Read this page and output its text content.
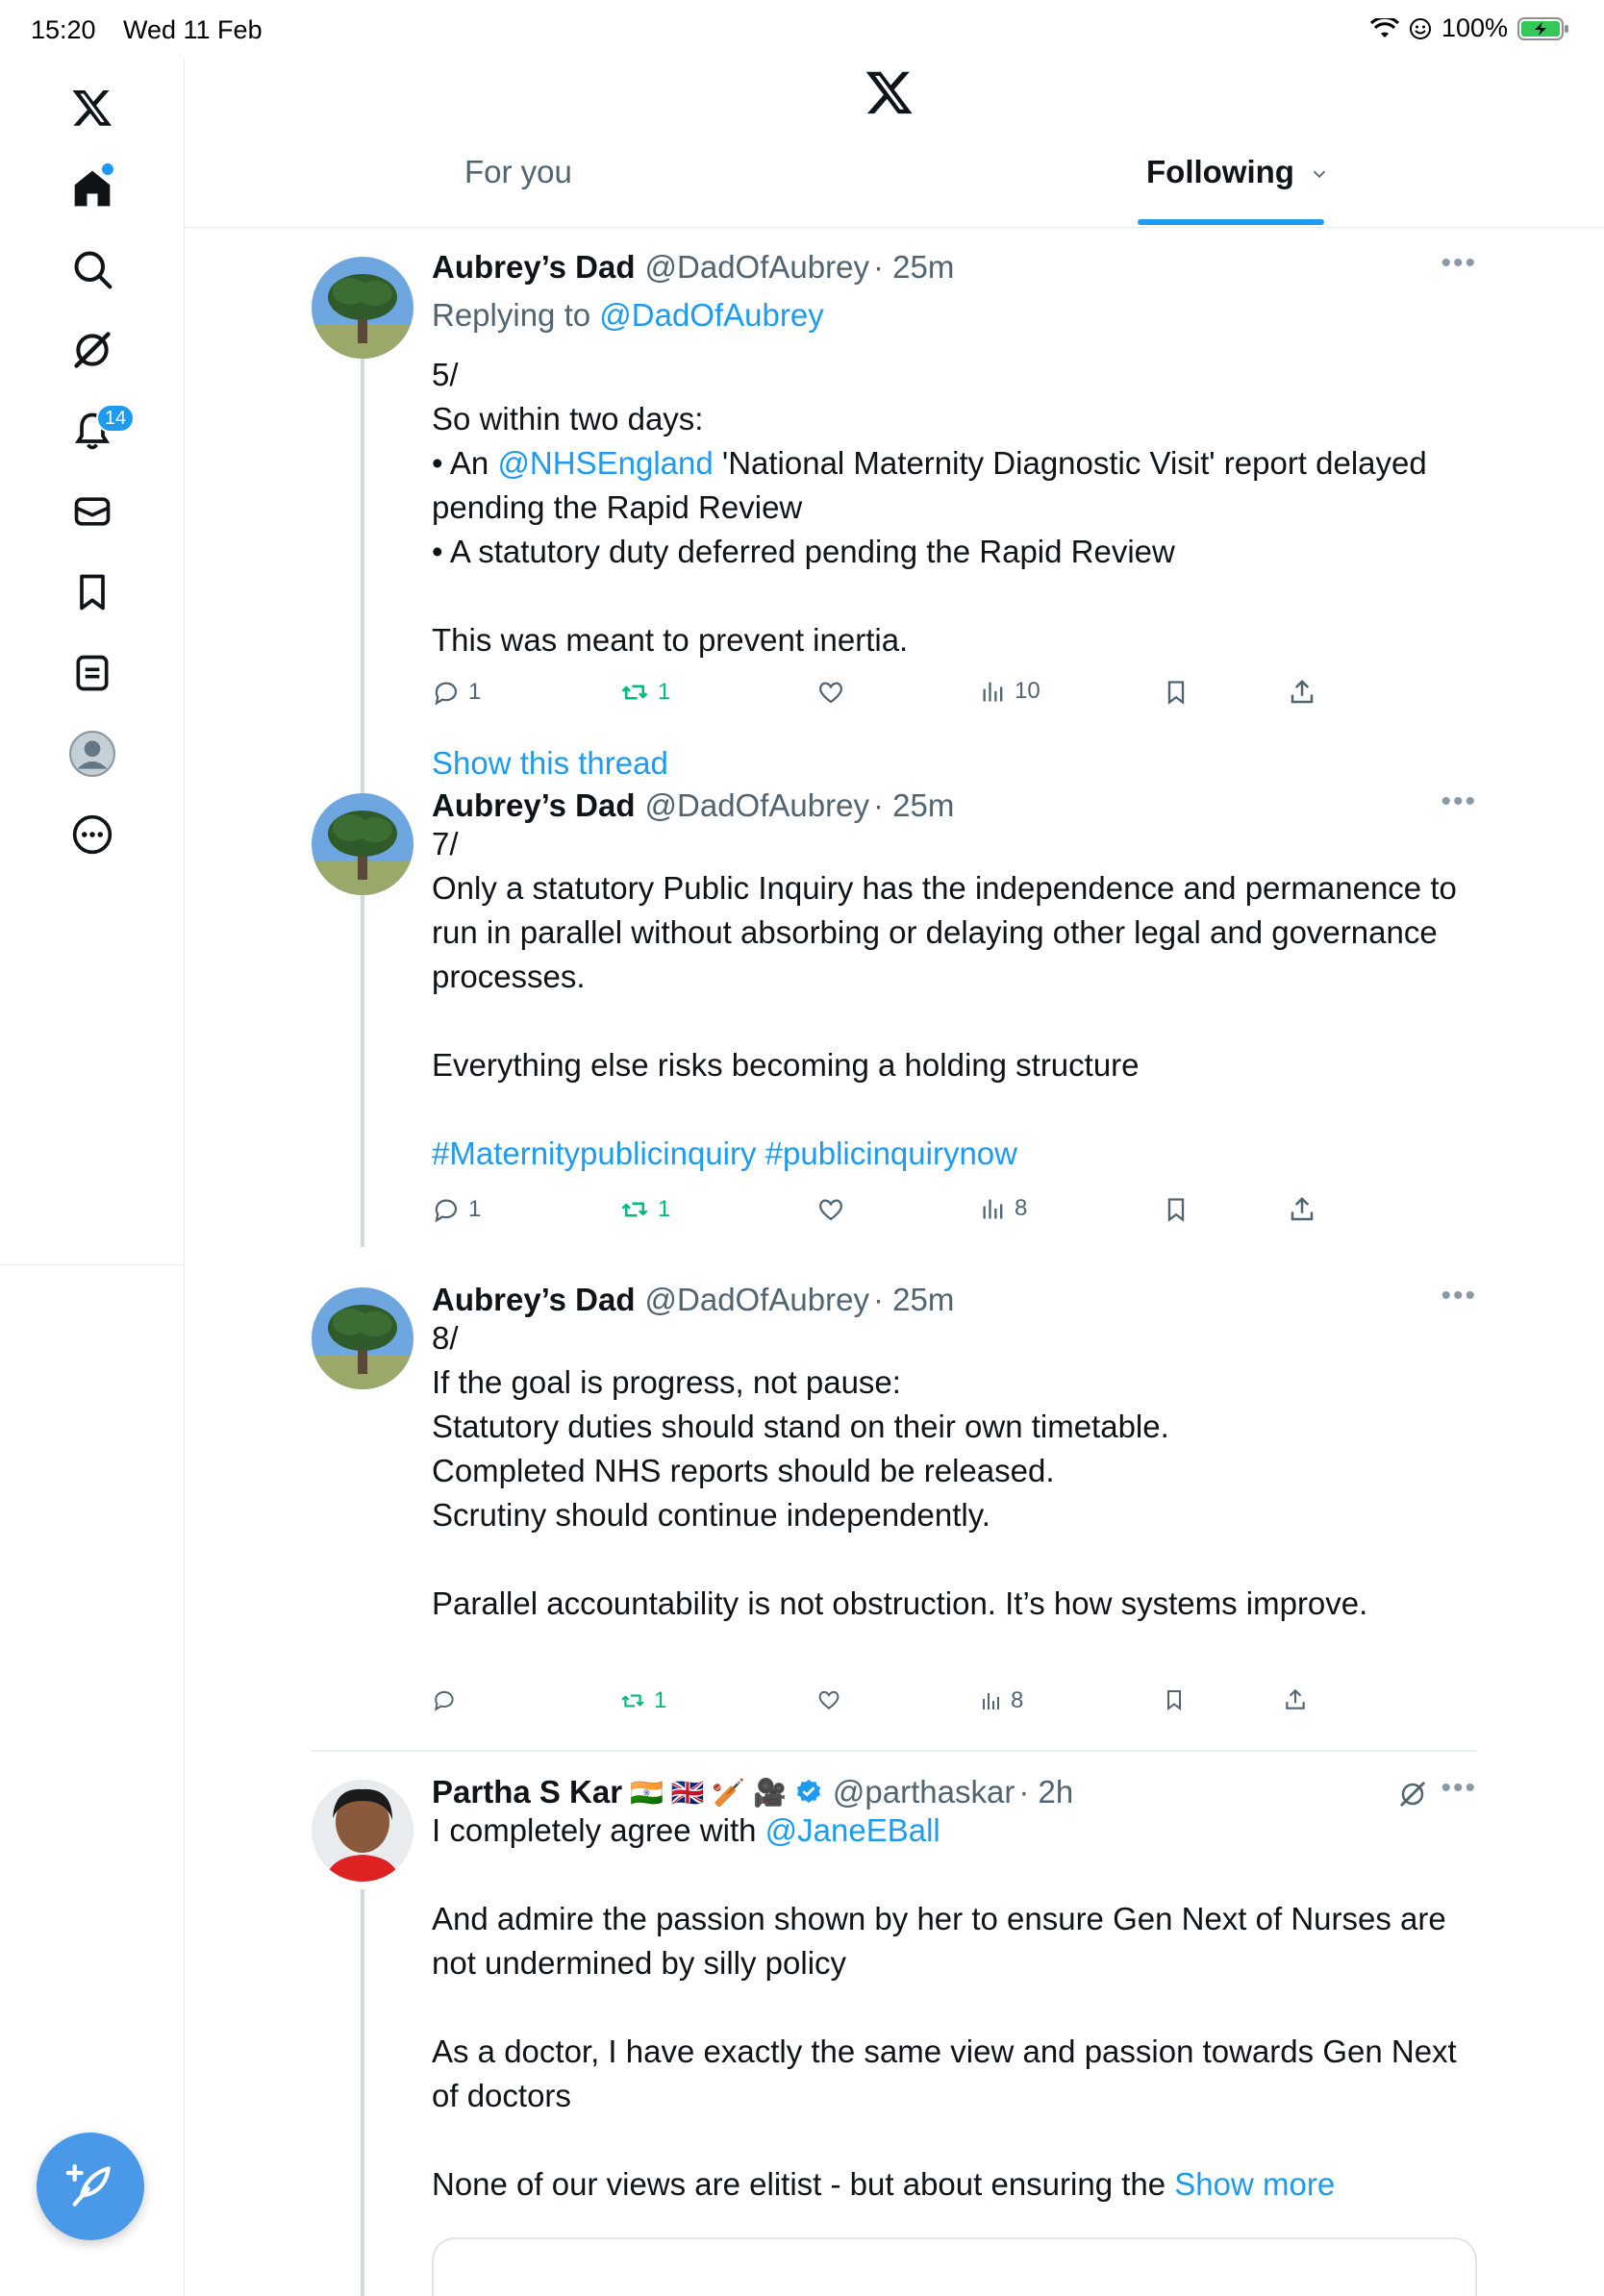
15:20 Wed 11 Feb	100%
14
For you	Following
Aubrey’s Dad @DadOfAubrey · 25m	•••
Replying to @DadOfAubrey

5/

So within two days:

• An @NHSEngland 'National Maternity Diagnostic Visit' report delayed pending the Rapid Review

• A statutory duty deferred pending the Rapid Review

This was meant to prevent inertia.

1	1	10
Show this thread
Aubrey’s Dad @DadOfAubrey · 25m	•••

7/

Only a statutory Public Inquiry has the independence and permanence to run in parallel without absorbing or delaying other legal and governance processes.

Everything else risks becoming a holding structure

#Maternitypublicinquiry #publicinquirynow

1	1	8
Aubrey’s Dad @DadOfAubrey · 25m	•••

8/

If the goal is progress, not pause:

Statutory duties should stand on their own timetable.

Completed NHS reports should be released.

Scrutiny should continue independently.

Parallel accountability is not obstruction. It’s how systems improve.

1	8
Partha S Kar 🇮🇳 🇬🇧 🏏 🎥 @parthaskar · 2h	•••

I completely agree with @JaneEBall

And admire the passion shown by her to ensure Gen Next of Nurses are not undermined by silly policy

As a doctor, I have exactly the same view and passion towards Gen Next of doctors

None of our views are elitist - but about ensuring the Show more
